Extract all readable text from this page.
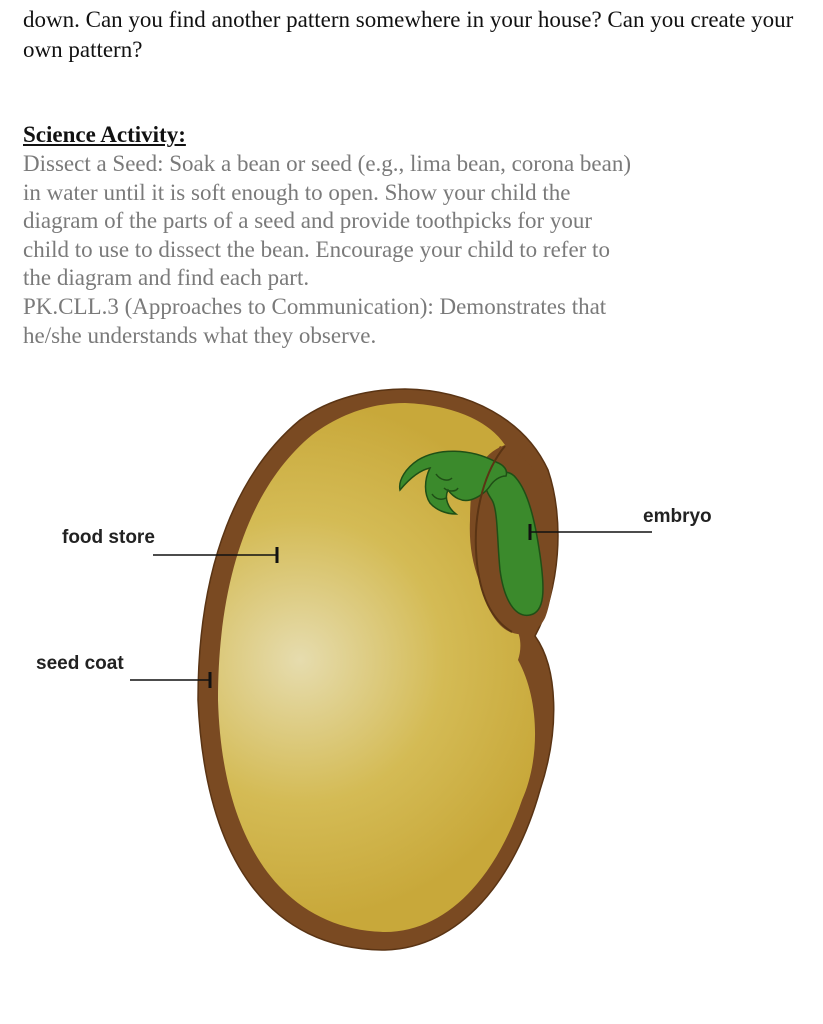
down. Can you find another pattern somewhere in your house? Can you create your own pattern?

Science Activity:

Dissect a Seed: Soak a bean or seed (e.g., lima bean, corona bean) in water until it is soft enough to open. Show your child the diagram of the parts of a seed and provide toothpicks for your child to use to dissect the bean. Encourage your child to refer to the diagram and find each part.

PK.CLL.3 (Approaches to Communication): Demonstrates that he/she understands what they observe.

food store
seed coat
embryo
